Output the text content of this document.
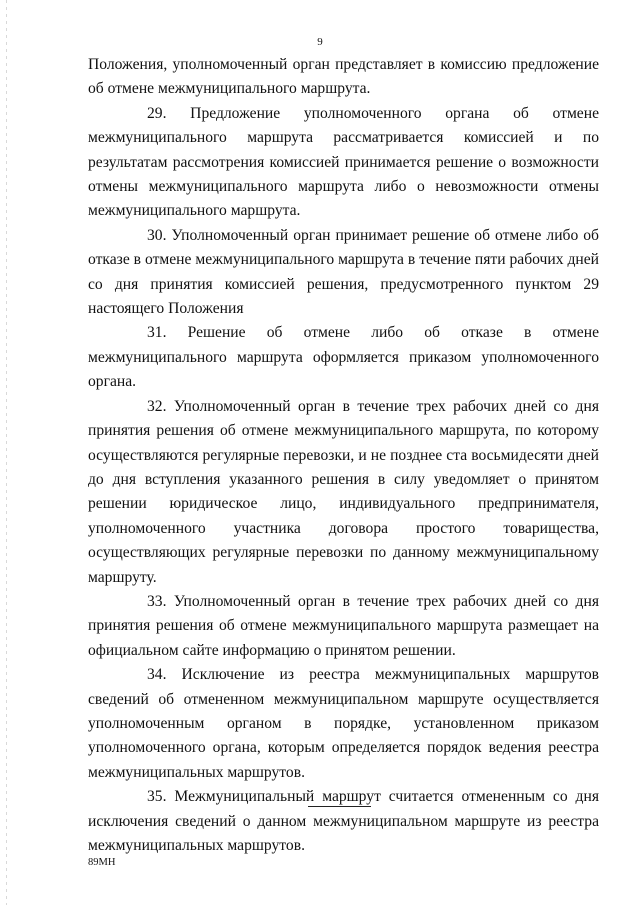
9

Положения, уполномоченный орган представляет в комиссию предложение об отмене межмуниципального маршрута.

29. Предложение уполномоченного органа об отмене межмуниципального маршрута рассматривается комиссией и по результатам рассмотрения комиссией принимается решение о возможности отмены межмуниципального маршрута либо о невозможности отмены межмуниципального маршрута.

30. Уполномоченный орган принимает решение об отмене либо об отказе в отмене межмуниципального маршрута в течение пяти рабочих дней со дня принятия комиссией решения, предусмотренного пунктом 29 настоящего Положения

31. Решение об отмене либо об отказе в отмене межмуниципального маршрута оформляется приказом уполномоченного органа.

32. Уполномоченный орган в течение трех рабочих дней со дня принятия решения об отмене межмуниципального маршрута, по которому осуществляются регулярные перевозки, и не позднее ста восьмидесяти дней до дня вступления указанного решения в силу уведомляет о принятом решении юридическое лицо, индивидуального предпринимателя, уполномоченного участника договора простого товарищества, осуществляющих регулярные перевозки по данному межмуниципальному маршруту.

33. Уполномоченный орган в течение трех рабочих дней со дня принятия решения об отмене межмуниципального маршрута размещает на официальном сайте информацию о принятом решении.

34. Исключение из реестра межмуниципальных маршрутов сведений об отмененном межмуниципальном маршруте осуществляется уполномоченным органом в порядке, установленном приказом уполномоченного органа, которым определяется порядок ведения реестра межмуниципальных маршрутов.

35. Межмуниципальный маршрут считается отмененным со дня исключения сведений о данном межмуниципальном маршруте из реестра межмуниципальных маршрутов.

89МН
